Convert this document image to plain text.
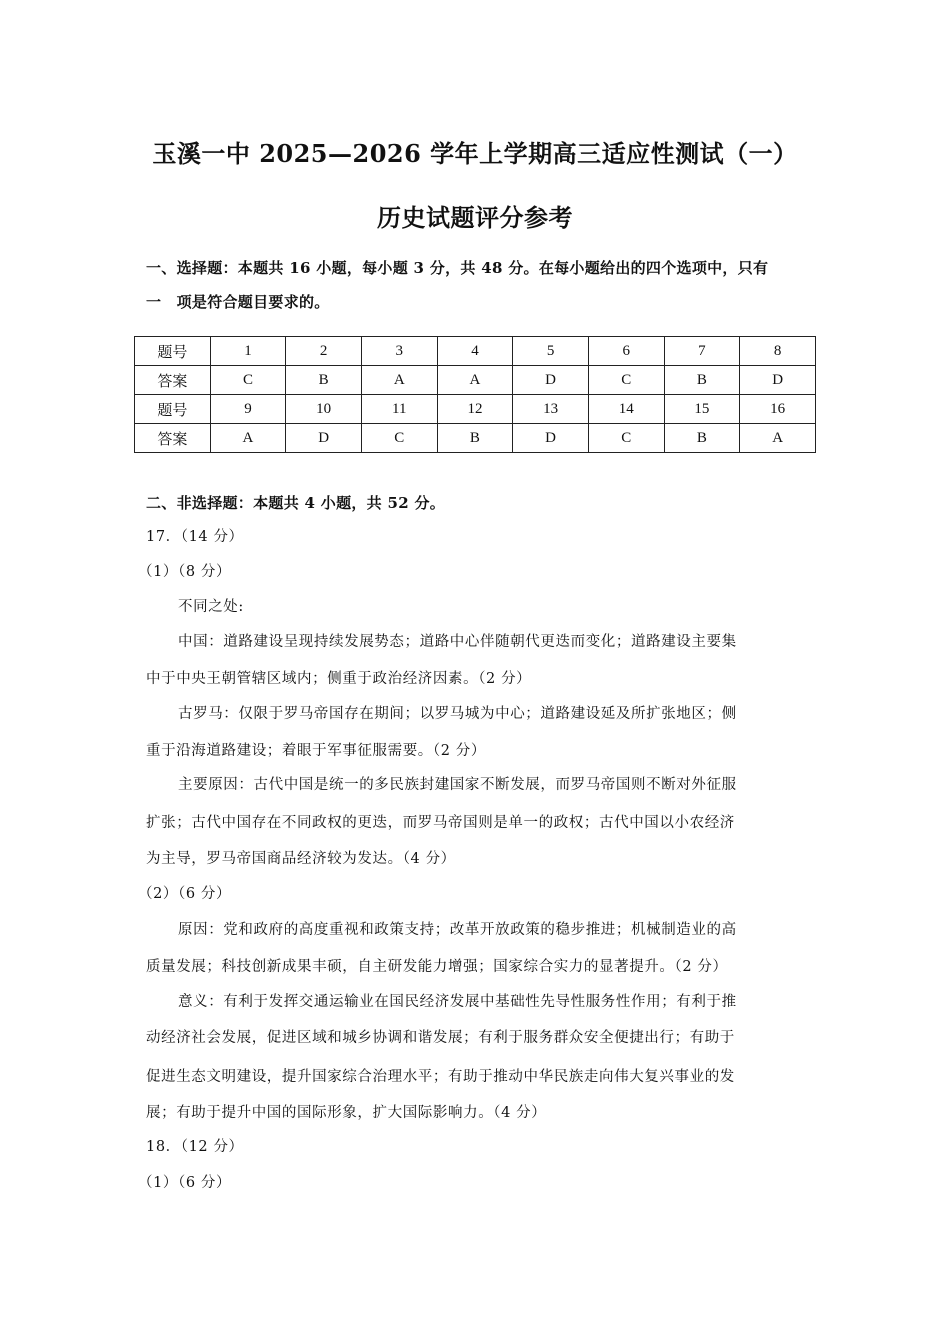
玉溪一中 2025—2026 学年上学期高三适应性测试（一）
历史试题评分参考
一、选择题：本题共 16 小题，每小题 3 分，共 48 分。在每小题给出的四个选项中，只有
一　项是符合题目要求的。
题号	1	2	3	4	5	6	7	8
答案	C	B	A	A	D	C	B	D
题号	9	10	11	12	13	14	15	16
答案	A	D	C	B	D	C	B	A
二、非选择题：本题共 4 小题，共 52 分。
17．（14 分）
（1）（8 分）
不同之处:
中国：道路建设呈现持续发展势态；道路中心伴随朝代更迭而变化；道路建设主要集
中于中央王朝管辖区域内；侧重于政治经济因素。（2 分）
古罗马：仅限于罗马帝国存在期间；以罗马城为中心；道路建设延及所扩张地区；侧
重于沿海道路建设；着眼于军事征服需要。（2 分）
主要原因：古代中国是统一的多民族封建国家不断发展，而罗马帝国则不断对外征服
扩张；古代中国存在不同政权的更迭，而罗马帝国则是单一的政权；古代中国以小农经济
为主导，罗马帝国商品经济较为发达。（4 分）
（2）（6 分）
原因：党和政府的高度重视和政策支持；改革开放政策的稳步推进；机械制造业的高
质量发展；科技创新成果丰硕，自主研发能力增强；国家综合实力的显著提升。（2 分）
意义：有利于发挥交通运输业在国民经济发展中基础性先导性服务性作用；有利于推
动经济社会发展，促进区域和城乡协调和谐发展；有利于服务群众安全便捷出行；有助于
促进生态文明建设，提升国家综合治理水平；有助于推动中华民族走向伟大复兴事业的发
展；有助于提升中国的国际形象，扩大国际影响力。（4 分）
18．（12 分）
（1）（6 分）
